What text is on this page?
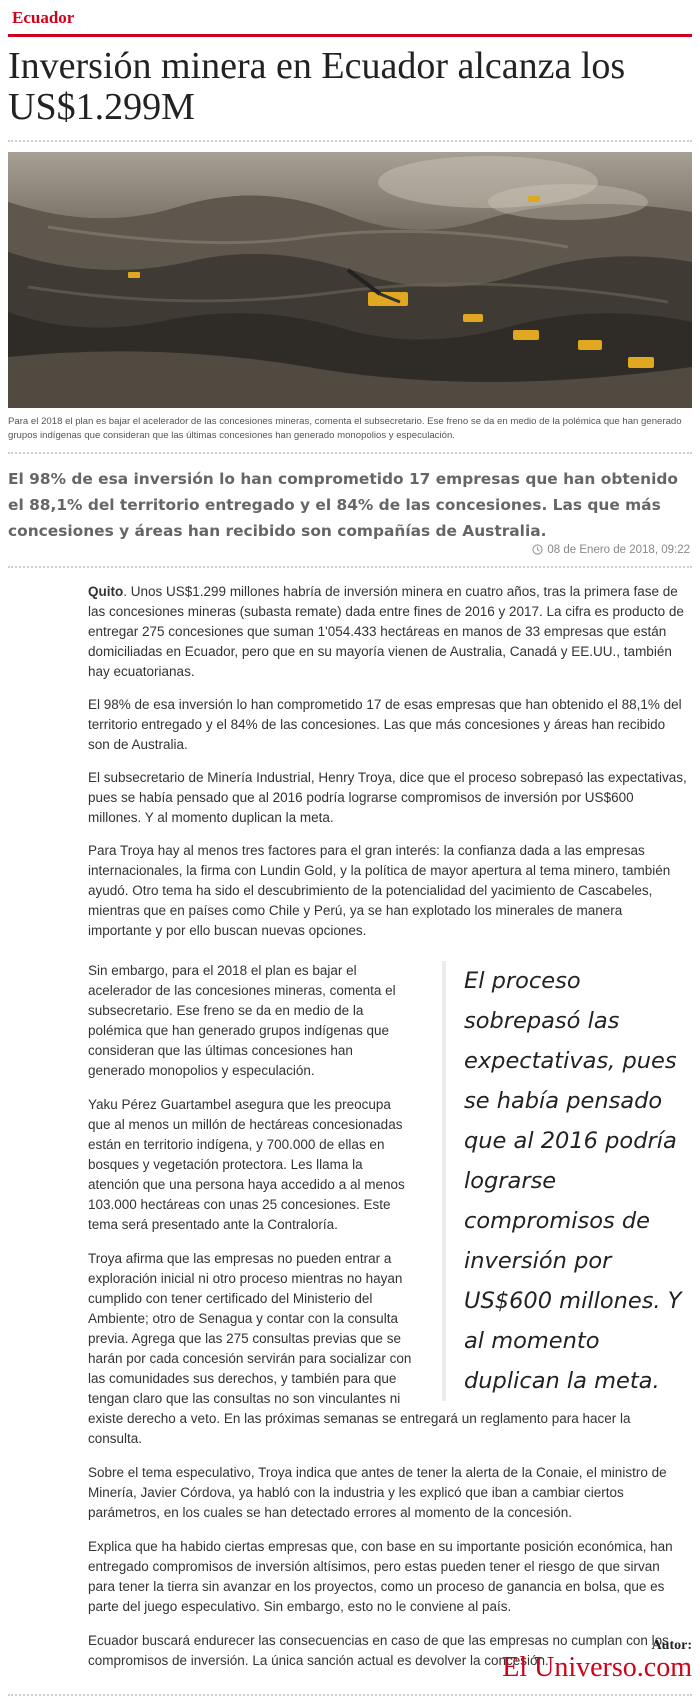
Ecuador
Inversión minera en Ecuador alcanza los US$1.299M

Para el 2018 el plan es bajar el acelerador de las concesiones mineras, comenta el subsecretario. Ese freno se da en medio de la polémica que han generado grupos indígenas que consideran que las últimas concesiones han generado monopolios y especulación.

El 98% de esa inversión lo han comprometido 17 empresas que han obtenido el 88,1% del territorio entregado y el 84% de las concesiones. Las que más concesiones y áreas han recibido son compañías de Australia.

08 de Enero de 2018, 09:22

Quito. Unos US$1.299 millones habría de inversión minera en cuatro años, tras la primera fase de las concesiones mineras (subasta remate) dada entre fines de 2016 y 2017. La cifra es producto de entregar 275 concesiones que suman 1'054.433 hectáreas en manos de 33 empresas que están domiciliadas en Ecuador, pero que en su mayoría vienen de Australia, Canadá y EE.UU., también hay ecuatorianas.

El 98% de esa inversión lo han comprometido 17 de esas empresas que han obtenido el 88,1% del territorio entregado y el 84% de las concesiones. Las que más concesiones y áreas han recibido son de Australia.

El subsecretario de Minería Industrial, Henry Troya, dice que el proceso sobrepasó las expectativas, pues se había pensado que al 2016 podría lograrse compromisos de inversión por US$600 millones. Y al momento duplican la meta.

Para Troya hay al menos tres factores para el gran interés: la confianza dada a las empresas internacionales, la firma con Lundin Gold, y la política de mayor apertura al tema minero, también ayudó. Otro tema ha sido el descubrimiento de la potencialidad del yacimiento de Cascabeles, mientras que en países como Chile y Perú, ya se han explotado los minerales de manera importante y por ello buscan nuevas opciones.

El proceso sobrepasó las expectativas, pues se había pensado que al 2016 podría lograrse compromisos de inversión por US$600 millones. Y al momento duplican la meta.

Sin embargo, para el 2018 el plan es bajar el acelerador de las concesiones mineras, comenta el subsecretario. Ese freno se da en medio de la polémica que han generado grupos indígenas que consideran que las últimas concesiones han generado monopolios y especulación.

Yaku Pérez Guartambel asegura que les preocupa que al menos un millón de hectáreas concesionadas están en territorio indígena, y 700.000 de ellas en bosques y vegetación protectora. Les llama la atención que una persona haya accedido a al menos 103.000 hectáreas con unas 25 concesiones. Este tema será presentado ante la Contraloría.

Troya afirma que las empresas no pueden entrar a exploración inicial ni otro proceso mientras no hayan cumplido con tener certificado del Ministerio del Ambiente; otro de Senagua y contar con la consulta previa. Agrega que las 275 consultas previas que se harán por cada concesión servirán para socializar con las comunidades sus derechos, y también para que tengan claro que las consultas no son vinculantes ni existe derecho a veto. En las próximas semanas se entregará un reglamento para hacer la consulta.

Sobre el tema especulativo, Troya indica que antes de tener la alerta de la Conaie, el ministro de Minería, Javier Córdova, ya habló con la industria y les explicó que iban a cambiar ciertos parámetros, en los cuales se han detectado errores al momento de la concesión.

Explica que ha habido ciertas empresas que, con base en su importante posición económica, han entregado compromisos de inversión altísimos, pero estas pueden tener el riesgo de que sirvan para tener la tierra sin avanzar en los proyectos, como un proceso de ganancia en bolsa, que es parte del juego especulativo. Sin embargo, esto no le conviene al país.

Ecuador buscará endurecer las consecuencias en caso de que las empresas no cumplan con los compromisos de inversión. La única sanción actual es devolver la concesión.

Autor:
El Universo.com
